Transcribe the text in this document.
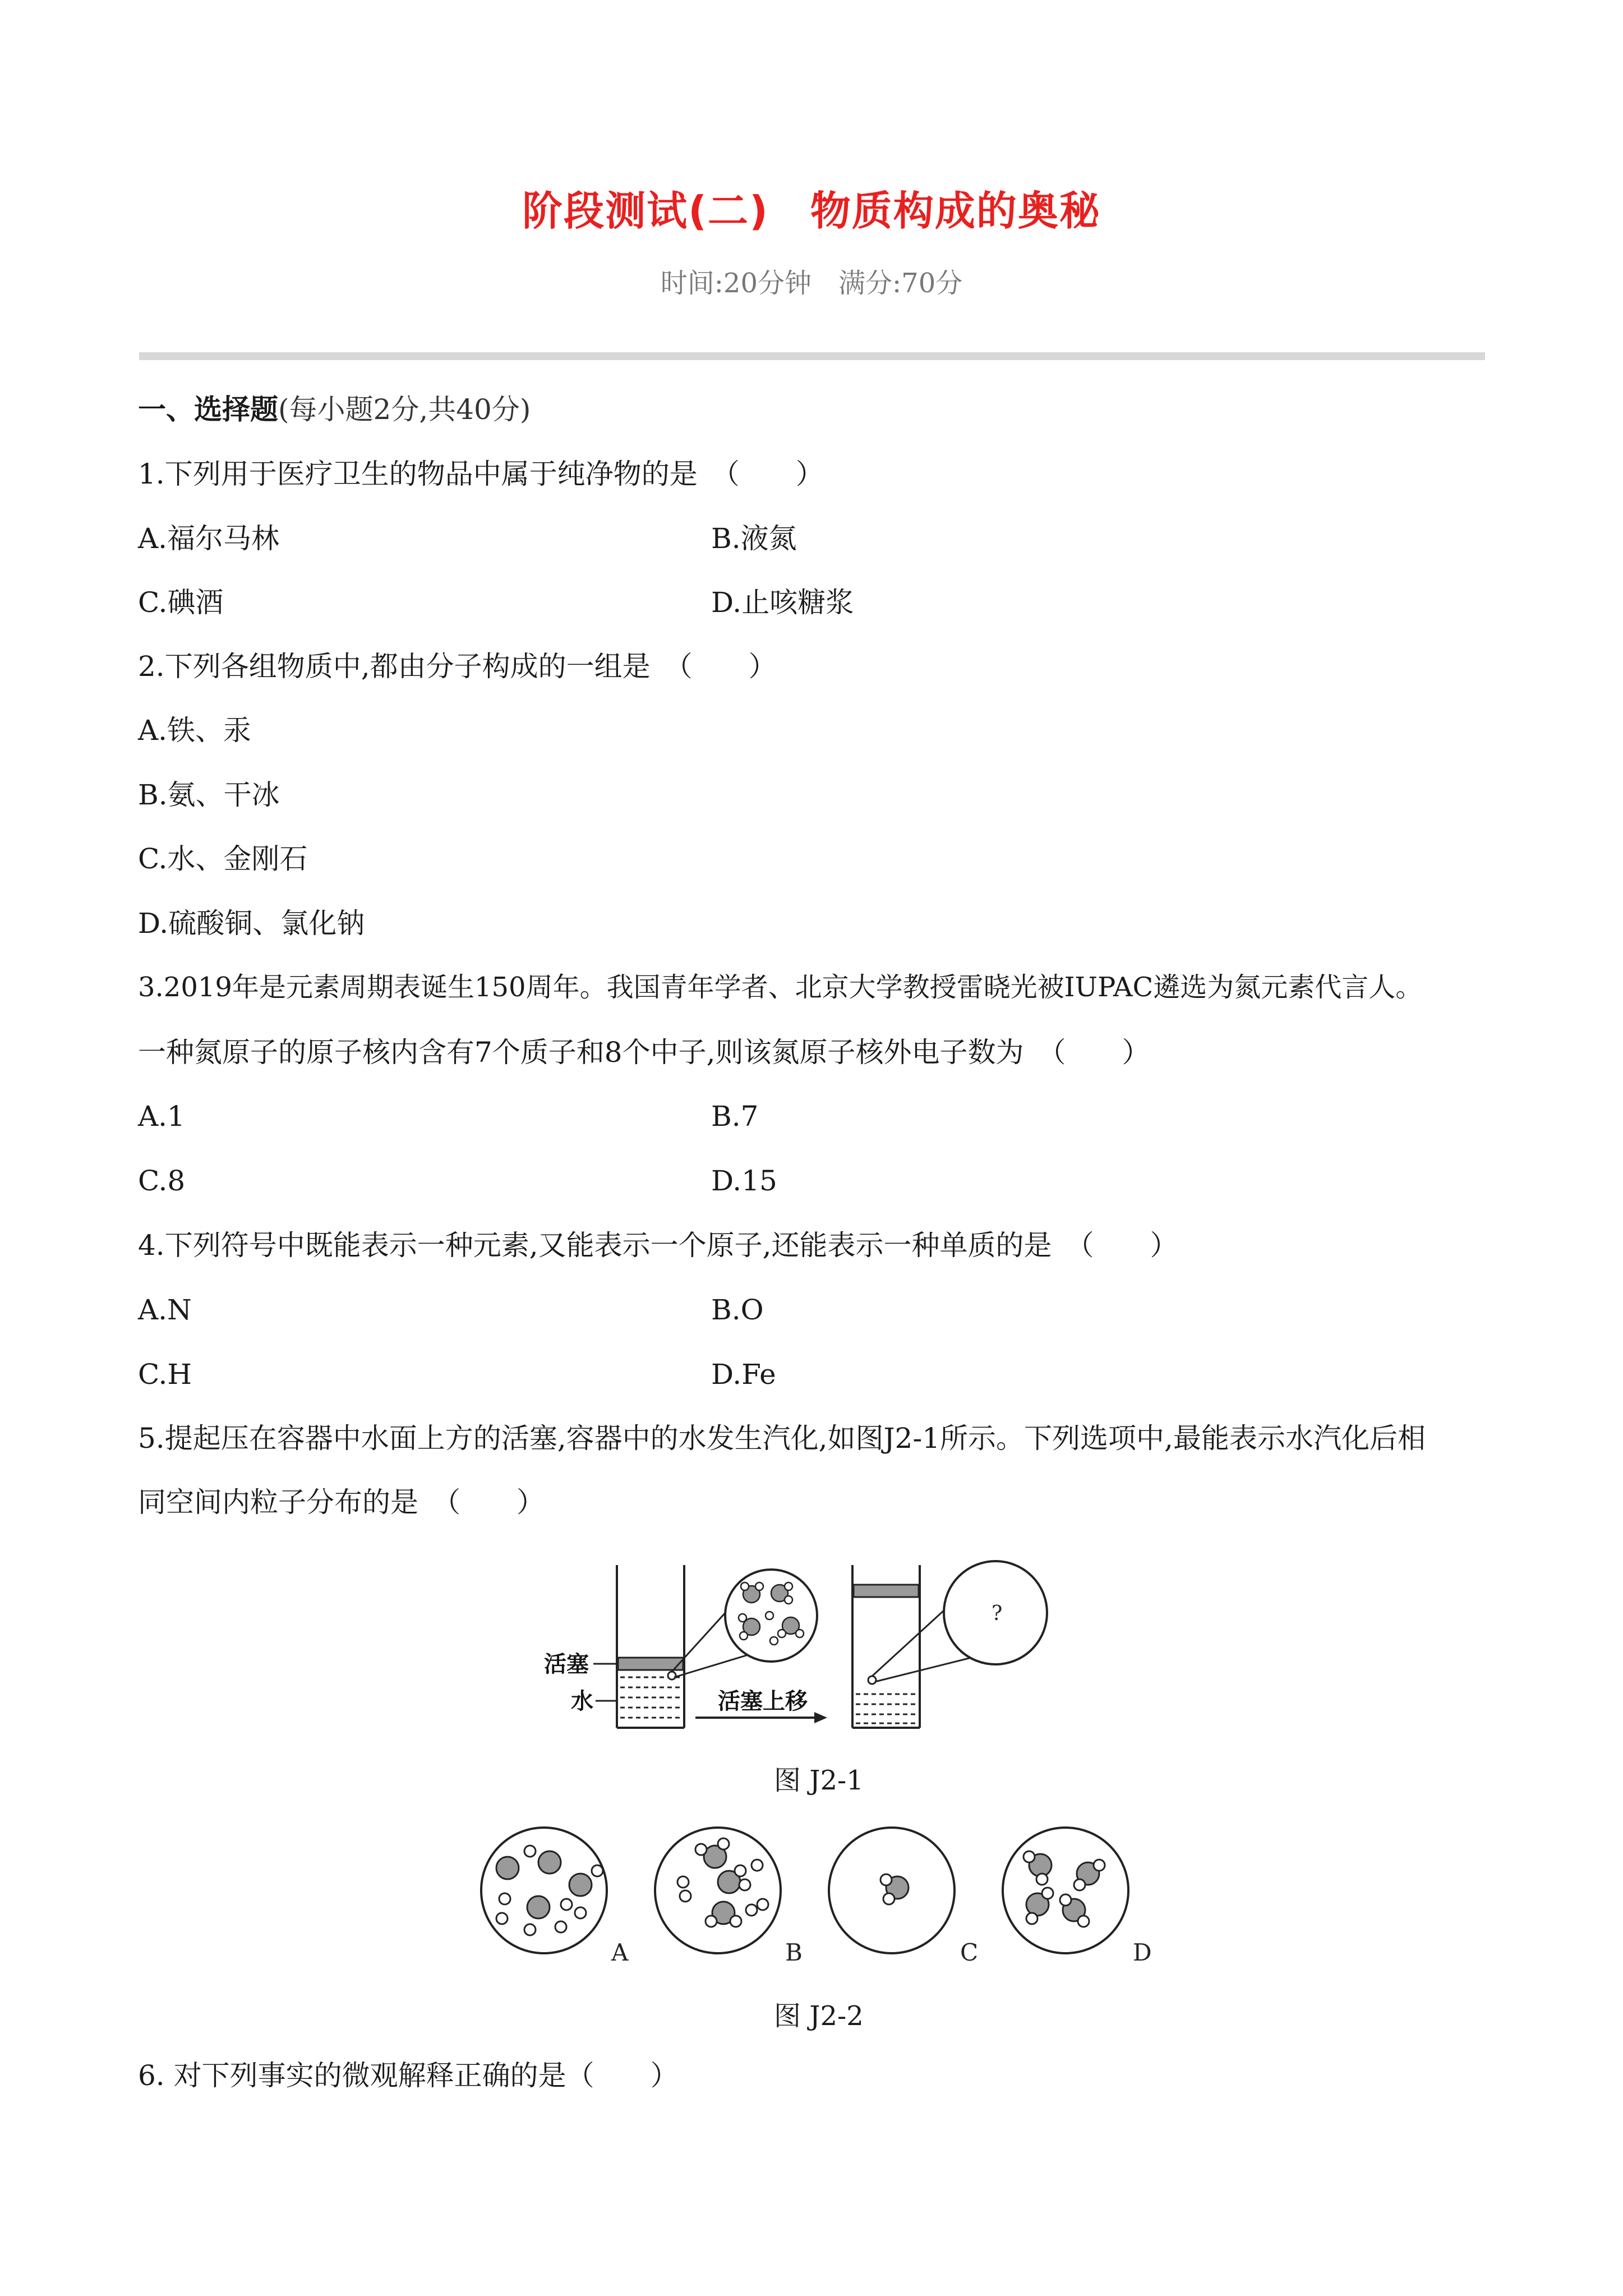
阶段测试(二)　物质构成的奥秘
时间:20分钟　满分:70分
一、选择题(每小题2分,共40分)
1.下列用于医疗卫生的物品中属于纯净物的是　（　　）
A.福尔马林	B.液氮
C.碘酒	D.止咳糖浆
2.下列各组物质中,都由分子构成的一组是　（　　）
A.铁、汞
B.氨、干冰
C.水、金刚石
D.硫酸铜、氯化钠
3.2019年是元素周期表诞生150周年。我国青年学者、北京大学教授雷晓光被IUPAC遴选为氮元素代言人。
一种氮原子的原子核内含有7个质子和8个中子,则该氮原子核外电子数为　（　　）
A.1	B.7
C.8	D.15
4.下列符号中既能表示一种元素,又能表示一个原子,还能表示一种单质的是　（　　）
A.N	B.O
C.H	D.Fe
5.提起压在容器中水面上方的活塞,容器中的水发生汽化,如图J2-1所示。下列选项中,最能表示水汽化后相
同空间内粒子分布的是　（　　）
?
活塞
水	活塞上移
图 J2-1
A	B	C	D
图 J2-2
6. 对下列事实的微观解释正确的是（　　）
